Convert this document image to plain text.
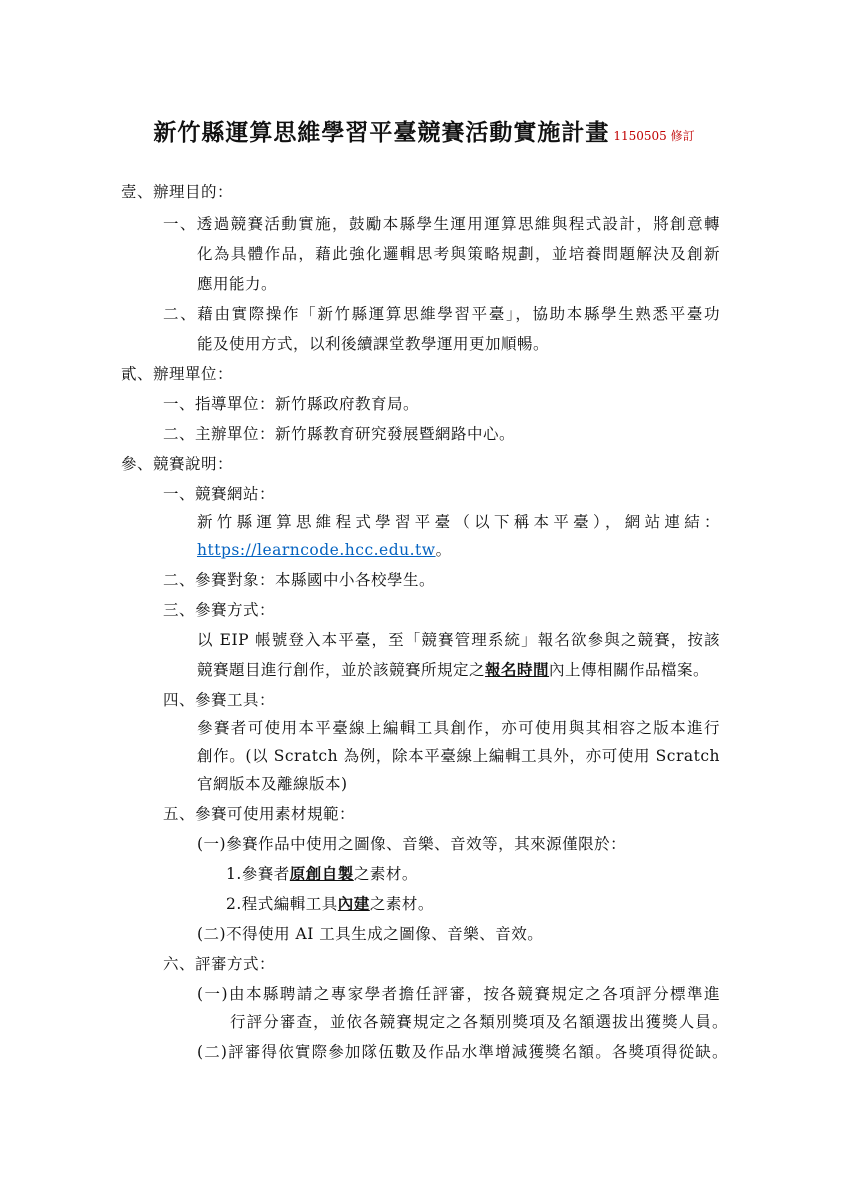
新竹縣運算思維學習平臺競賽活動實施計畫 1150505 修訂
壹、辦理目的：
一、透過競賽活動實施，鼓勵本縣學生運用運算思維與程式設計，將創意轉
化為具體作品，藉此強化邏輯思考與策略規劃，並培養問題解決及創新
應用能力。
二、藉由實際操作「新竹縣運算思維學習平臺」，協助本縣學生熟悉平臺功
能及使用方式，以利後續課堂教學運用更加順暢。
貳、辦理單位：
一、指導單位：新竹縣政府教育局。
二、主辦單位：新竹縣教育研究發展暨網路中心。
參、競賽說明：
一、競賽網站：
新竹縣運算思維程式學習平臺（以下稱本平臺），網站連結：
https://learncode.hcc.edu.tw。
二、參賽對象：本縣國中小各校學生。
三、參賽方式：
以 EIP 帳號登入本平臺，至「競賽管理系統」報名欲參與之競賽，按該
競賽題目進行創作，並於該競賽所規定之報名時間內上傳相關作品檔案。
四、參賽工具：
參賽者可使用本平臺線上編輯工具創作，亦可使用與其相容之版本進行
創作。(以 Scratch 為例，除本平臺線上編輯工具外，亦可使用 Scratch
官網版本及離線版本)
五、參賽可使用素材規範：
(一)參賽作品中使用之圖像、音樂、音效等，其來源僅限於：
1.參賽者原創自製之素材。
2.程式編輯工具內建之素材。
(二)不得使用 AI 工具生成之圖像、音樂、音效。
六、評審方式：
(一)由本縣聘請之專家學者擔任評審，按各競賽規定之各項評分標準進
行評分審查，並依各競賽規定之各類別獎項及名額選拔出獲獎人員。
(二)評審得依實際參加隊伍數及作品水準增減獲獎名額。各獎項得從缺。
